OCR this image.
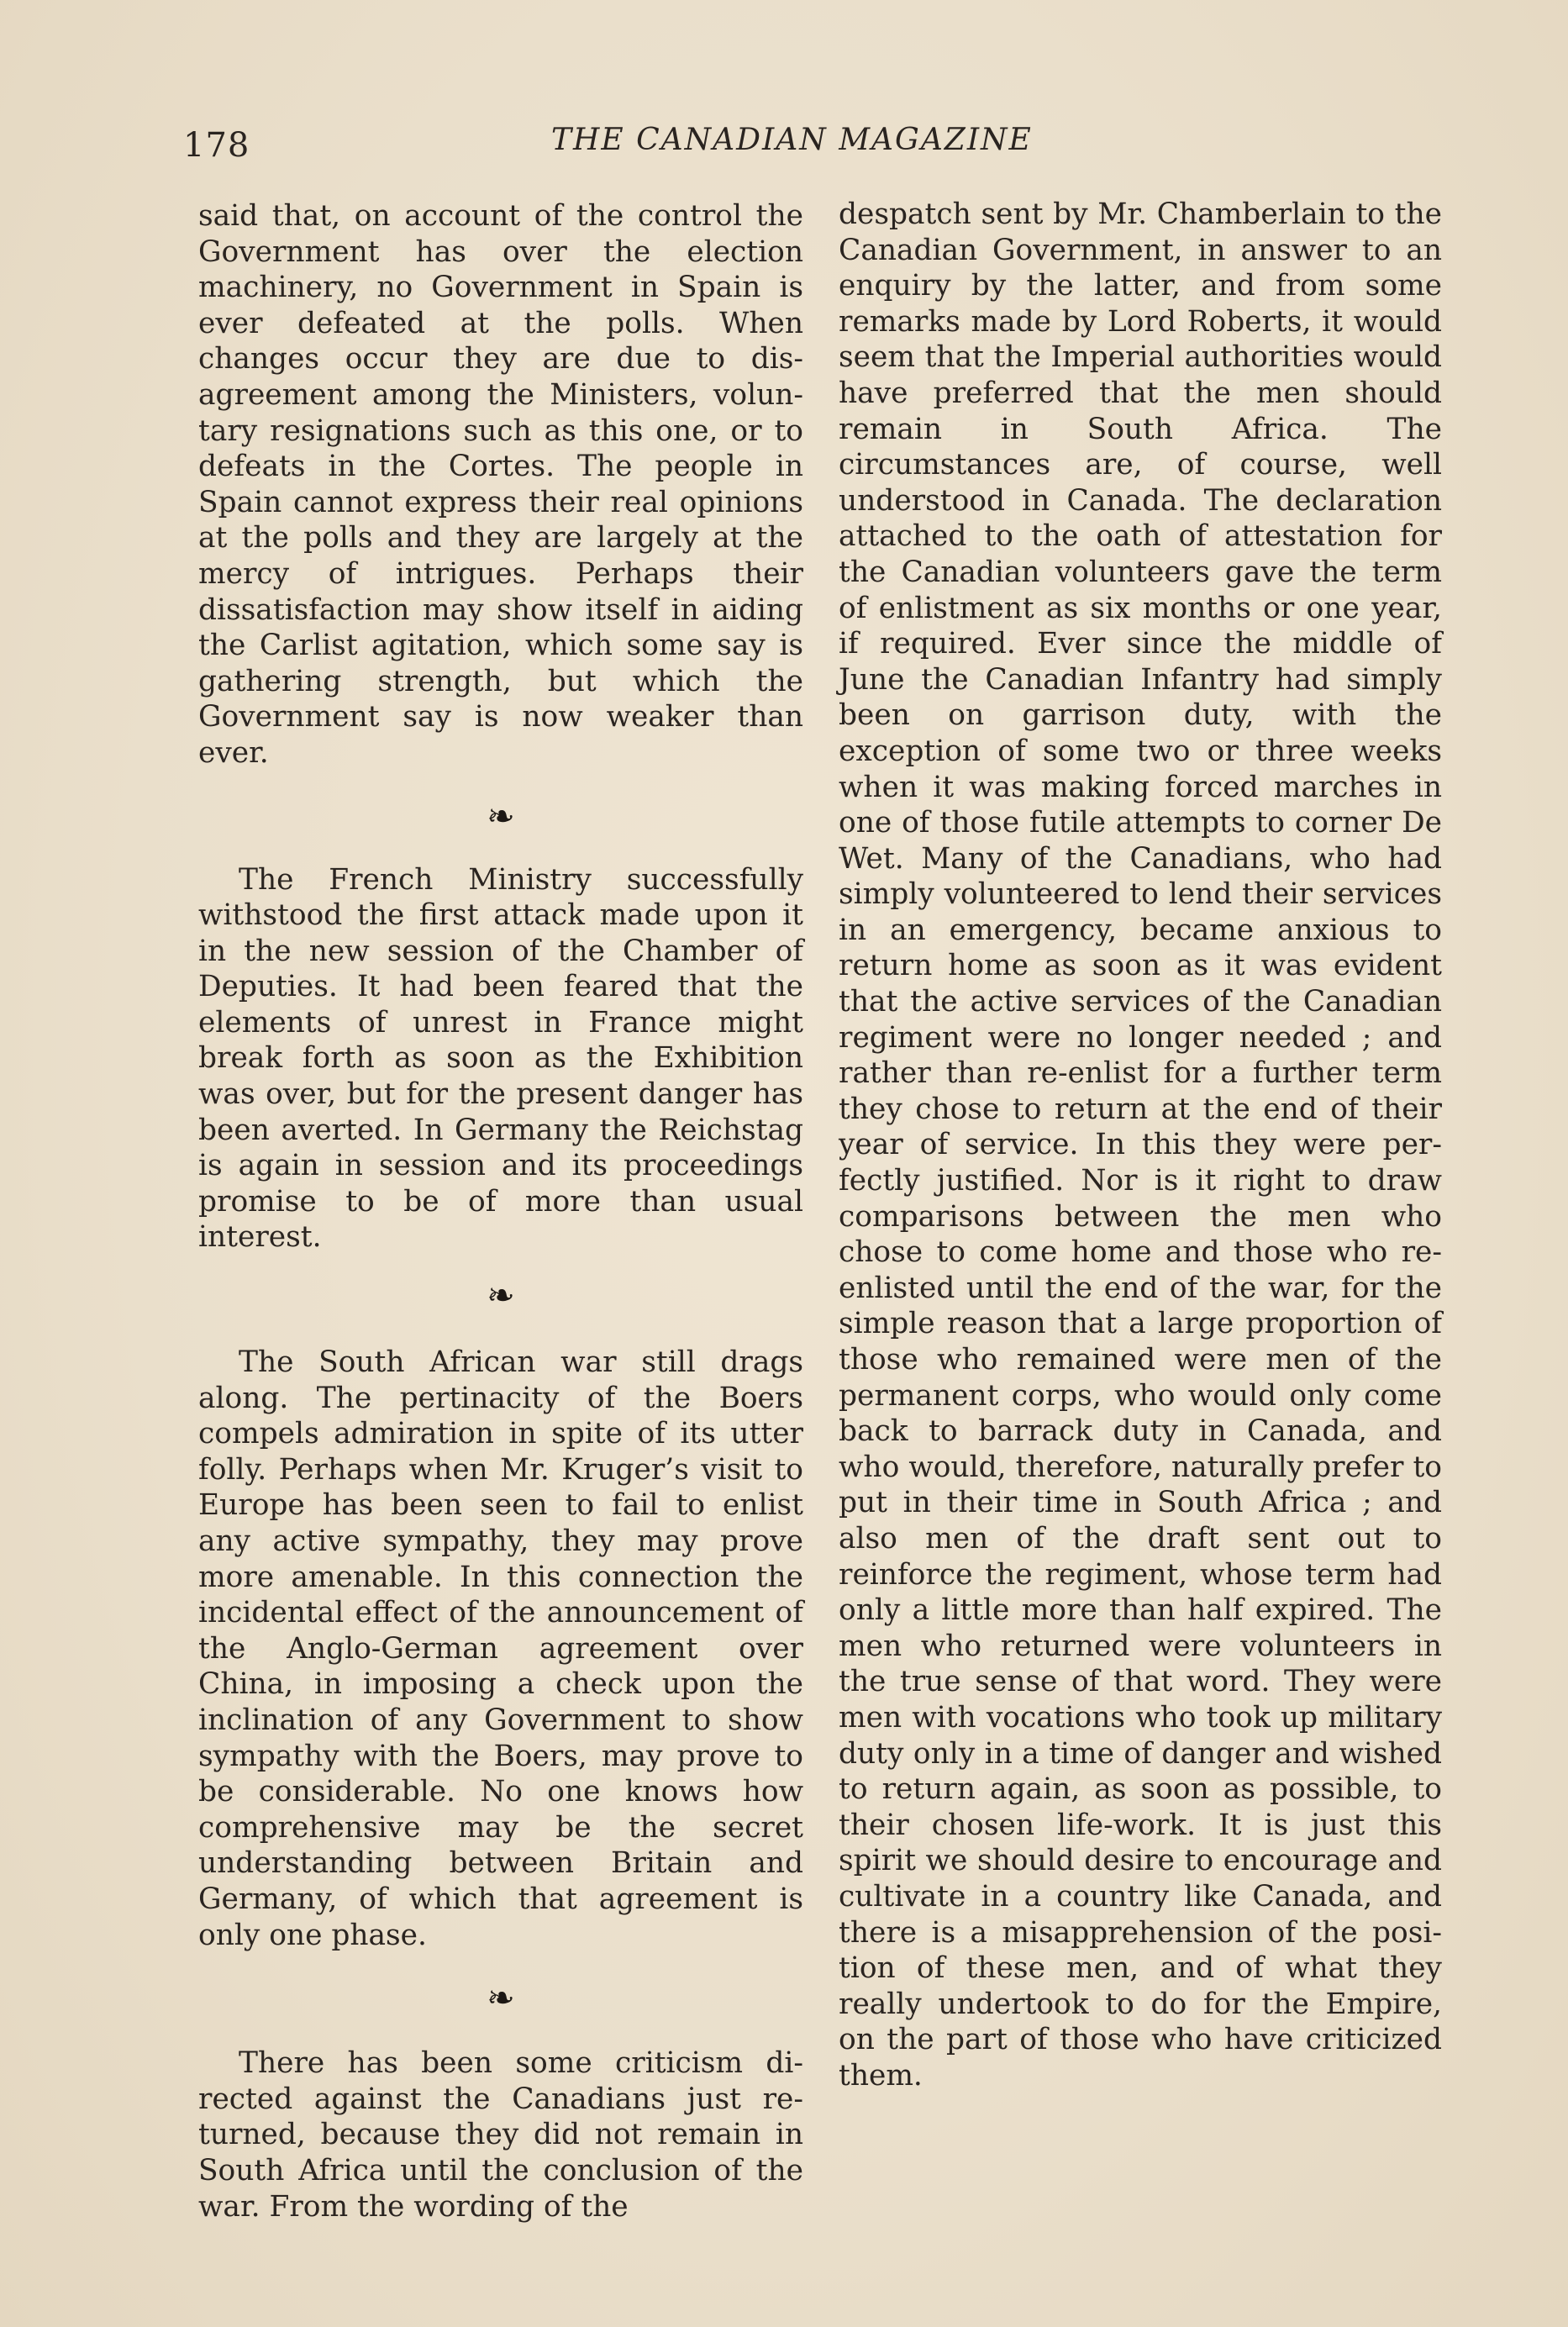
178	THE CANADIAN MAGAZINE

said that, on account of the control the Government has over the election machinery, no Government in Spain is ever defeated at the polls. When changes occur they are due to disagreement among the Ministers, voluntary resignations such as this one, or to defeats in the Cortes. The people in Spain cannot express their real opinions at the polls and they are largely at the mercy of intrigues. Perhaps their dissatisfaction may show itself in aiding the Carlist agitation, which some say is gathering strength, but which the Government say is now weaker than ever.

❧

The French Ministry successfully withstood the first attack made upon it in the new session of the Chamber of Deputies. It had been feared that the elements of unrest in France might break forth as soon as the Exhibition was over, but for the present danger has been averted. In Germany the Reichstag is again in session and its proceedings promise to be of more than usual interest.

❧

The South African war still drags along. The pertinacity of the Boers compels admiration in spite of its utter folly. Perhaps when Mr. Kruger’s visit to Europe has been seen to fail to enlist any active sympathy, they may prove more amenable. In this connection the incidental effect of the announcement of the Anglo-German agreement over China, in imposing a check upon the inclination of any Government to show sympathy with the Boers, may prove to be considerable. No one knows how comprehensive may be the secret understanding between Britain and Germany, of which that agreement is only one phase.

❧

There has been some criticism directed against the Canadians just returned, because they did not remain in South Africa until the conclusion of the war. From the wording of the

despatch sent by Mr. Chamberlain to the Canadian Government, in answer to an enquiry by the latter, and from some remarks made by Lord Roberts, it would seem that the Imperial authorities would have preferred that the men should remain in South Africa. The circumstances are, of course, well understood in Canada. The declaration attached to the oath of attestation for the Canadian volunteers gave the term of enlistment as six months or one year, if required. Ever since the middle of June the Canadian Infantry had simply been on garrison duty, with the exception of some two or three weeks when it was making forced marches in one of those futile attempts to corner De Wet. Many of the Canadians, who had simply volunteered to lend their services in an emergency, became anxious to return home as soon as it was evident that the active services of the Canadian regiment were no longer needed ; and rather than re-enlist for a further term they chose to return at the end of their year of service. In this they were perfectly justified. Nor is it right to draw comparisons between the men who chose to come home and those who reenlisted until the end of the war, for the simple reason that a large proportion of those who remained were men of the permanent corps, who would only come back to barrack duty in Canada, and who would, therefore, naturally prefer to put in their time in South Africa ; and also men of the draft sent out to reinforce the regiment, whose term had only a little more than half expired. The men who returned were volunteers in the true sense of that word. They were men with vocations who took up military duty only in a time of danger and wished to return again, as soon as possible, to their chosen life-work. It is just this spirit we should desire to encourage and cultivate in a country like Canada, and there is a misapprehension of the position of these men, and of what they really undertook to do for the Empire, on the part of those who have criticized them.
